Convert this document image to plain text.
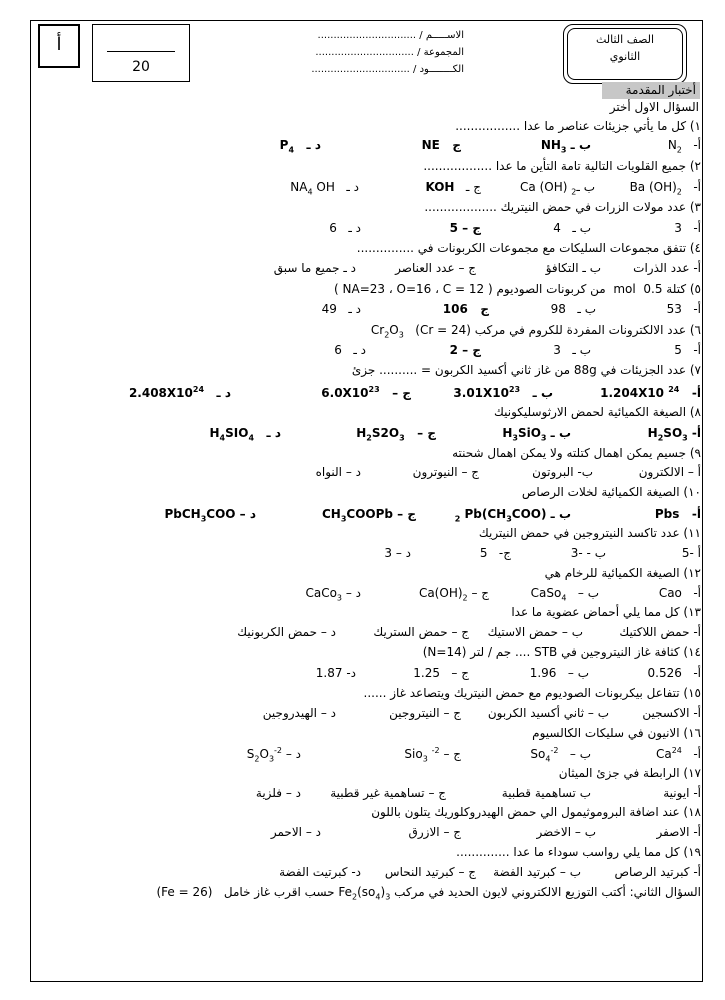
الصف الثالث
الثانوي
الاســـــم / ...............................
المجموعة / ...............................
الكــــــــود / ...............................
20
أ
أختبار المقدمة
السؤال الاول أختر
١) كل ما يأتي جزيئات عناصر ما عدا .................
أ-   $N_2$
ب ـ $NH_3$
ج   NE
د ـ   $P_4$
٢) جميع القلويات التالية تامة التأين ما عدا ..................
أ-   Ba $(OH)_2$
ب ـ$_2$ Ca (OH)
ج ـ   KOH
د ـ   $NA_4$ OH
٣) عدد مولات الزرات في حمض النيتريك ...................
أ-   3
ب ـ   4
ج – 5
د ـ   6
٤) تتفق مجموعات السليكات مع مجموعات الكربونات في ...............
أ- عدد الذرات
ب ـ التكافؤ
ج – عدد العناصر
د ـ جميع ما سبق
٥) كتلة 0.5  mol  من كربونات الصوديوم ( NA=23 ، O=16 ، C = 12 )
أ-   53
ب ـ   98
ج   106
د ـ   49
٦) عدد الالكترونات المفردة للكروم في مركب $Cr_2O_3$   (Cr = 24)
أ-   5
ب ـ   3
ج – 2
د ـ   6
٧) عدد الجزيئات في 88g من غاز ثاني أكسيد الكربون = .......... جزئ
أ-   1.204X10 $^{24}$
ب ـ   $3.01X10^{23}$
ج –   $6.0X10^{23}$
د ـ   $2.408X10^{24}$
٨) الصيغة الكميائية لحمض الارثوسليكونيك
أ- $H_2SO_3$
ب ـ $H_3SiO_3$
ج –   $H_2S2O_3$
د ـ   $H_4SIO_4$
٩) جسيم يمكن اهمال كتلته ولا يمكن اهمال شحنته
أ – الالكترون
ب- البروتون
ج – النيوترون
د – النواه
١٠) الصيغة الكميائية لخلات الرصاص
أ-   Pbs
ب ـ $(CH_3COO)_2$ Pb
ج – $CH_3COOPb$
د – PbCH$_3$COO
١١) عدد تاكسد النيتروجين في حمض النيتريك
أ -5
ب - -3
ج-   5
د – 3
١٢) الصيغة الكميائية للرخام هي
أ-   Cao
ب –   CaSo$_4$
ج – $Ca(OH)_2$
د – CaCo$_3$
١٣) كل مما يلي أحماض عضوية ما عدا
أ- حمض اللاكتيك
ب – حمض الاستيك
ج – حمض الستريك
د – حمض الكربونيك
١٤) كثافة غاز النيتروجين في STB .... جم / لتر (N=14)
أ-   0.526
ب –   1.96
ج –   1.25
د- 1.87
١٥) تتفاعل بيكربونات الصوديوم مع حمض النيتريك ويتصاعد غاز ......
أ- الاكسجين
ب – ثاني أكسيد الكربون
ج – النيتروجين
د – الهيدروجين
١٦) الانيون في سليكات الكالسيوم
أ-   Ca$^{24}$
ب –   $So_4^{-2}$
ج – Sio$_3$ $^{-2}$
د – $S_2O_3^{-2}$
١٧) الرابطة في جزئ الميثان
أ- ايونية
ب تساهمية قطبية
ج – تساهمية غير قطبية
د – فلزية
١٨) عند اضافة البروموثيمول الي حمض الهيدروكلوريك يتلون باللون
أ- الاصفر
ب – الاخضر
ج – الازرق
د – الاحمر
١٩) كل مما يلي رواسب سوداء ما عدا ..............
أ- كبرتيد الرصاص
ب – كبرتيد الفضة
ج – كبرتيد النحاس
د- كبرتيت الفضة
السؤال الثاني: أكتب التوزيع الالكتروني لايون الحديد في مركب $Fe_2(so_4)_3$ حسب اقرب غاز خامل   (Fe = 26)
